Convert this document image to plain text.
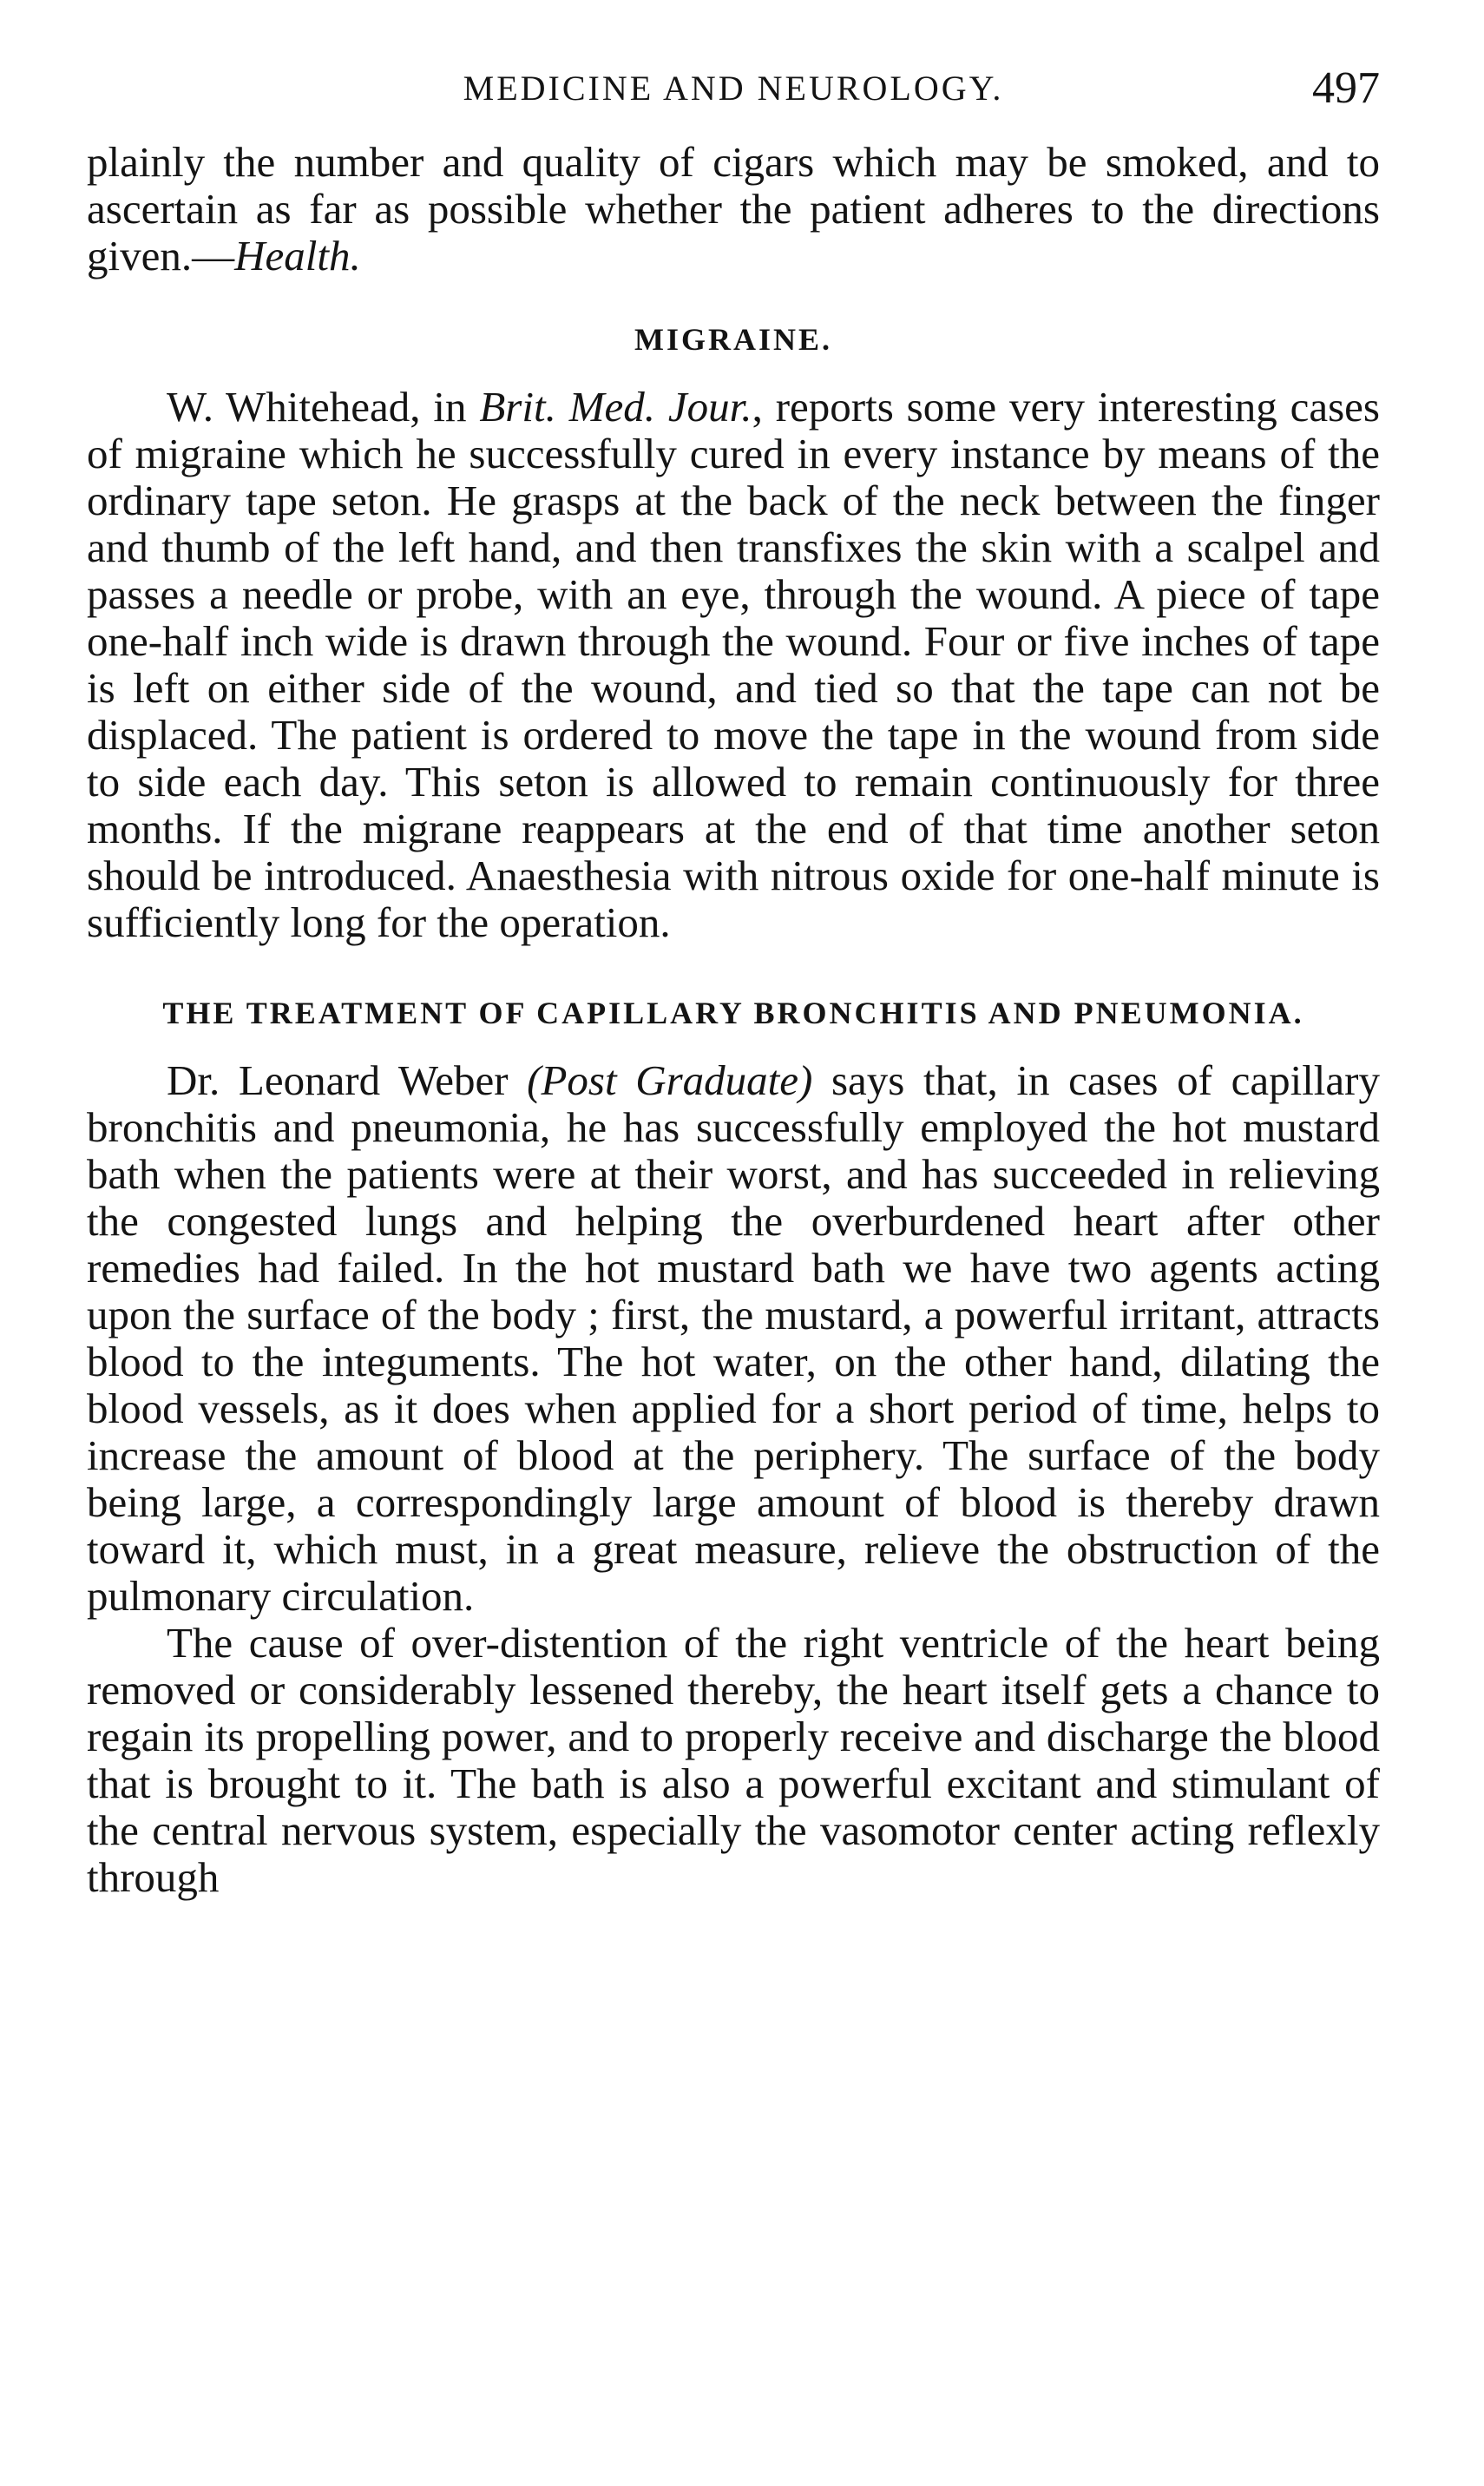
MEDICINE AND NEUROLOGY.	497

plainly the number and quality of cigars which may be smoked, and to ascertain as far as possible whether the patient adheres to the directions given.—Health.

MIGRAINE.

W. Whitehead, in Brit. Med. Jour., reports some very interesting cases of migraine which he successfully cured in every instance by means of the ordinary tape seton. He grasps at the back of the neck between the finger and thumb of the left hand, and then transfixes the skin with a scalpel and passes a needle or probe, with an eye, through the wound. A piece of tape one-half inch wide is drawn through the wound. Four or five inches of tape is left on either side of the wound, and tied so that the tape can not be displaced. The patient is ordered to move the tape in the wound from side to side each day. This seton is allowed to remain continuously for three months. If the migrane reappears at the end of that time another seton should be introduced. Anaesthesia with nitrous oxide for one-half minute is sufficiently long for the operation.

THE TREATMENT OF CAPILLARY BRONCHITIS AND PNEUMONIA.

Dr. Leonard Weber (Post Graduate) says that, in cases of capillary bronchitis and pneumonia, he has successfully employed the hot mustard bath when the patients were at their worst, and has succeeded in relieving the congested lungs and helping the overburdened heart after other remedies had failed. In the hot mustard bath we have two agents acting upon the surface of the body ; first, the mustard, a powerful irritant, attracts blood to the integuments. The hot water, on the other hand, dilating the blood vessels, as it does when applied for a short period of time, helps to increase the amount of blood at the periphery. The surface of the body being large, a correspondingly large amount of blood is thereby drawn toward it, which must, in a great measure, relieve the obstruction of the pulmonary circulation.

The cause of over-distention of the right ventricle of the heart being removed or considerably lessened thereby, the heart itself gets a chance to regain its propelling power, and to properly receive and discharge the blood that is brought to it. The bath is also a powerful excitant and stimulant of the central nervous system, especially the vasomotor center acting reflexly through
